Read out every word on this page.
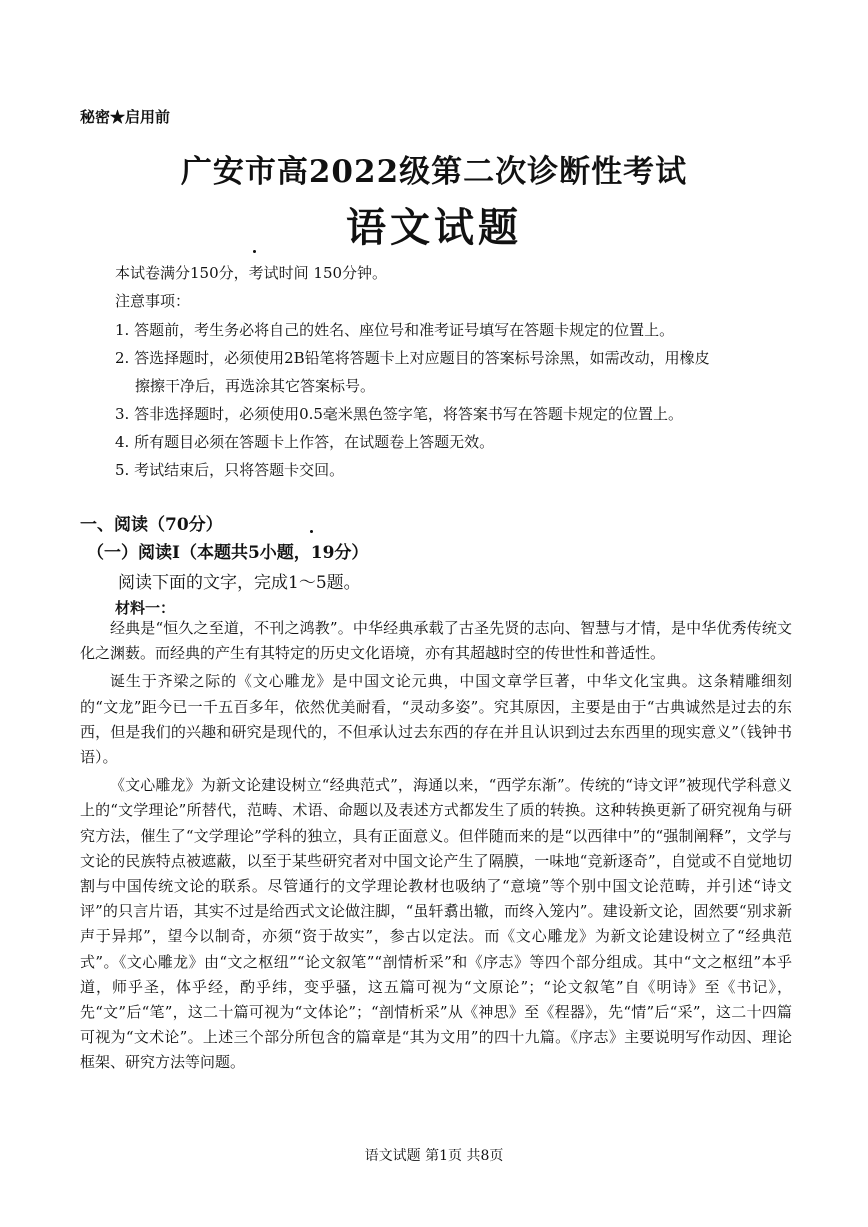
秘密★启用前
广安市高2022级第二次诊断性考试
语文试题
本试卷满分150分，考试时间 150分钟。
注意事项：
1. 答题前，考生务必将自己的姓名、座位号和准考证号填写在答题卡规定的位置上。
2. 答选择题时，必须使用2B铅笔将答题卡上对应题目的答案标号涂黑，如需改动，用橡皮
擦擦干净后，再选涂其它答案标号。
3. 答非选择题时，必须使用0.5毫米黑色签字笔，将答案书写在答题卡规定的位置上。
4. 所有题目必须在答题卡上作答，在试题卷上答题无效。
5. 考试结束后，只将答题卡交回。
一、阅读（70分）
（一）阅读Ⅰ（本题共5小题，19分）
阅读下面的文字，完成1～5题。
材料一：

经典是“恒久之至道，不刊之鸿教”。中华经典承载了古圣先贤的志向、智慧与才情，是中华优秀传统文化之渊薮。而经典的产生有其特定的历史文化语境，亦有其超越时空的传世性和普适性。

诞生于齐梁之际的《文心雕龙》是中国文论元典，中国文章学巨著，中华文化宝典。这条精雕细刻的“文龙”距今已一千五百多年，依然优美耐看，“灵动多姿”。究其原因，主要是由于“古典诚然是过去的东西，但是我们的兴趣和研究是现代的，不但承认过去东西的存在并且认识到过去东西里的现实意义”（钱钟书语）。

《文心雕龙》为新文论建设树立“经典范式”，海通以来，“西学东渐”。传统的“诗文评”被现代学科意义上的“文学理论”所替代，范畴、术语、命题以及表述方式都发生了质的转换。这种转换更新了研究视角与研究方法，催生了“文学理论”学科的独立，具有正面意义。但伴随而来的是“以西律中”的“强制阐释”，文学与文论的民族特点被遮蔽，以至于某些研究者对中国文论产生了隔膜，一味地“竞新逐奇”，自觉或不自觉地切割与中国传统文论的联系。尽管通行的文学理论教材也吸纳了“意境”等个别中国文论范畴，并引述“诗文评”的只言片语，其实不过是给西式文论做注脚，“虽轩翥出辙，而终入笼内”。建设新文论，固然要“别求新声于异邦”，望今以制奇，亦须“资于故实”，参古以定法。而《文心雕龙》为新文论建设树立了“经典范式”。《文心雕龙》由“文之枢纽”“论文叙笔”“剖情析采”和《序志》等四个部分组成。其中“文之枢纽”本乎道，师乎圣，体乎经，酌乎纬，变乎骚，这五篇可视为“文原论”；“论文叙笔”自《明诗》至《书记》，先“文”后“笔”，这二十篇可视为“文体论”；“剖情析采”从《神思》至《程器》，先“情”后“采”，这二十四篇可视为“文术论”。上述三个部分所包含的篇章是“其为文用”的四十九篇。《序志》主要说明写作动因、理论框架、研究方法等问题。

语文试题 第1页 共8页
